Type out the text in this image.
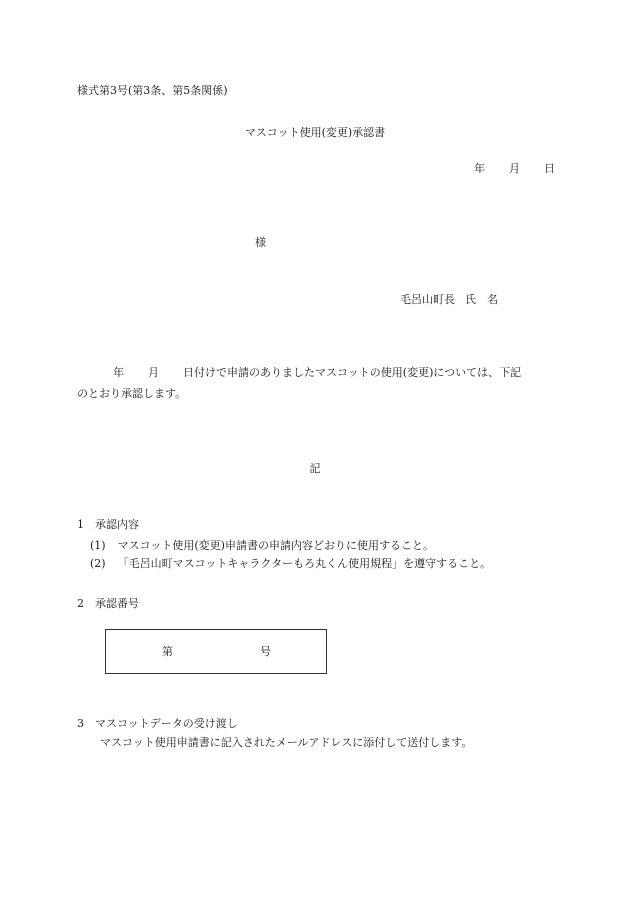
様式第3号(第3条、第5条関係)
マスコット使用(変更)承認書
年 月 日
様
毛呂山町長 氏　名
年 月 日付けで申請のありましたマスコットの使用(変更)については、下記
のとおり承認します。
記
1　承認内容
(1) マスコット使用(変更)申請書の申請内容どおりに使用すること。
(2) 「毛呂山町マスコットキャラクターもろ丸くん使用規程」を遵守すること。
2　承認番号
第	号
3　マスコットデータの受け渡し
マスコット使用申請書に記入されたメールアドレスに添付して送付します。
